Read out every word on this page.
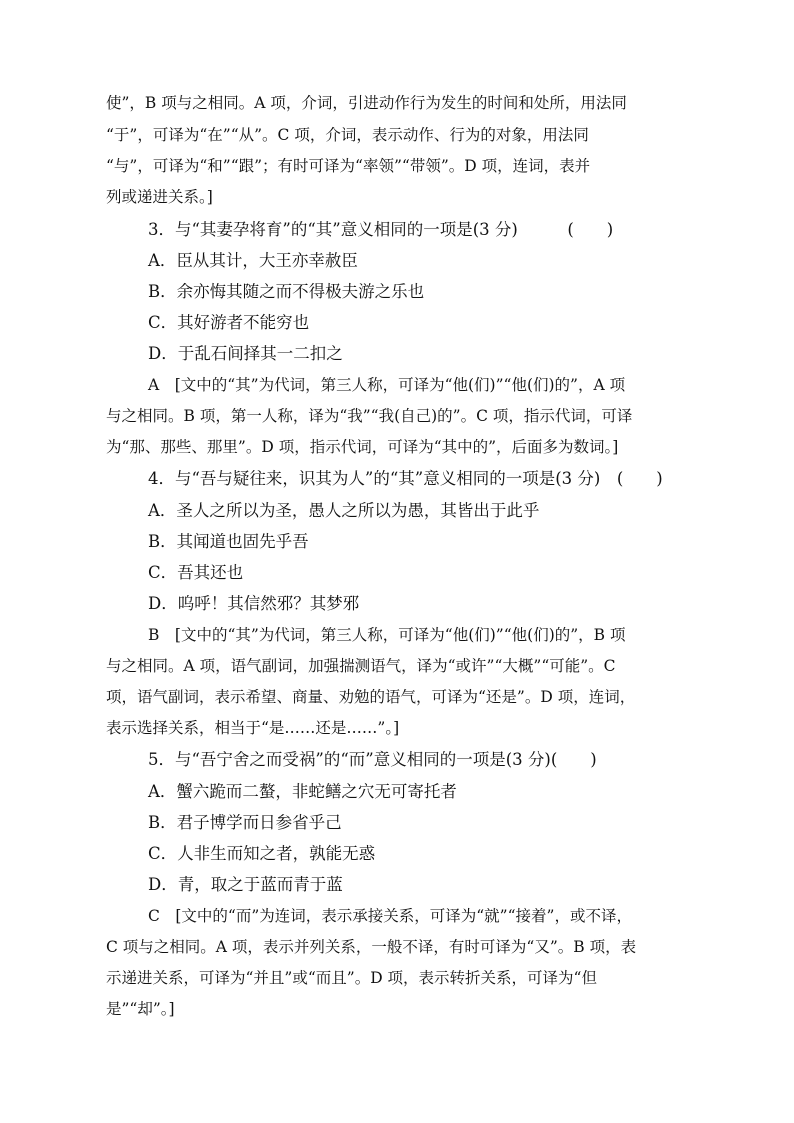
使”，B 项与之相同。A 项，介词，引进动作行为发生的时间和处所，用法同
“于”，可译为“在”“从”。C 项，介词，表示动作、行为的对象，用法同
“与”，可译为“和”“跟”；有时可译为“率领”“带领”。D 项，连词，表并
列或递进关系。]
3．与“其妻孕将育”的“其”意义相同的一项是(3 分)　　　(　　)
A．臣从其计，大王亦幸赦臣
B．余亦悔其随之而不得极夫游之乐也
C．其好游者不能穷也
D．于乱石间择其一二扣之
A　[文中的“其”为代词，第三人称，可译为“他(们)”“他(们)的”，A 项
与之相同。B 项，第一人称，译为“我”“我(自己)的”。C 项，指示代词，可译
为“那、那些、那里”。D 项，指示代词，可译为“其中的”，后面多为数词。]
4．与“吾与疑往来，识其为人”的“其”意义相同的一项是(3 分)　(　　)
A．圣人之所以为圣，愚人之所以为愚，其皆出于此乎
B．其闻道也固先乎吾
C．吾其还也
D．呜呼！其信然邪？其梦邪
B　[文中的“其”为代词，第三人称，可译为“他(们)”“他(们)的”，B 项
与之相同。A 项，语气副词，加强揣测语气，译为“或许”“大概”“可能”。C
项，语气副词，表示希望、商量、劝勉的语气，可译为“还是”。D 项，连词，
表示选择关系，相当于“是……还是……”。]
5．与“吾宁舍之而受祸”的“而”意义相同的一项是(3 分)(　　)
A．蟹六跪而二螯，非蛇鳝之穴无可寄托者
B．君子博学而日参省乎己
C．人非生而知之者，孰能无惑
D．青，取之于蓝而青于蓝
C　[文中的“而”为连词，表示承接关系，可译为“就”“接着”，或不译，
C 项与之相同。A 项，表示并列关系，一般不译，有时可译为“又”。B 项，表
示递进关系，可译为“并且”或“而且”。D 项，表示转折关系，可译为“但
是”“却”。]
